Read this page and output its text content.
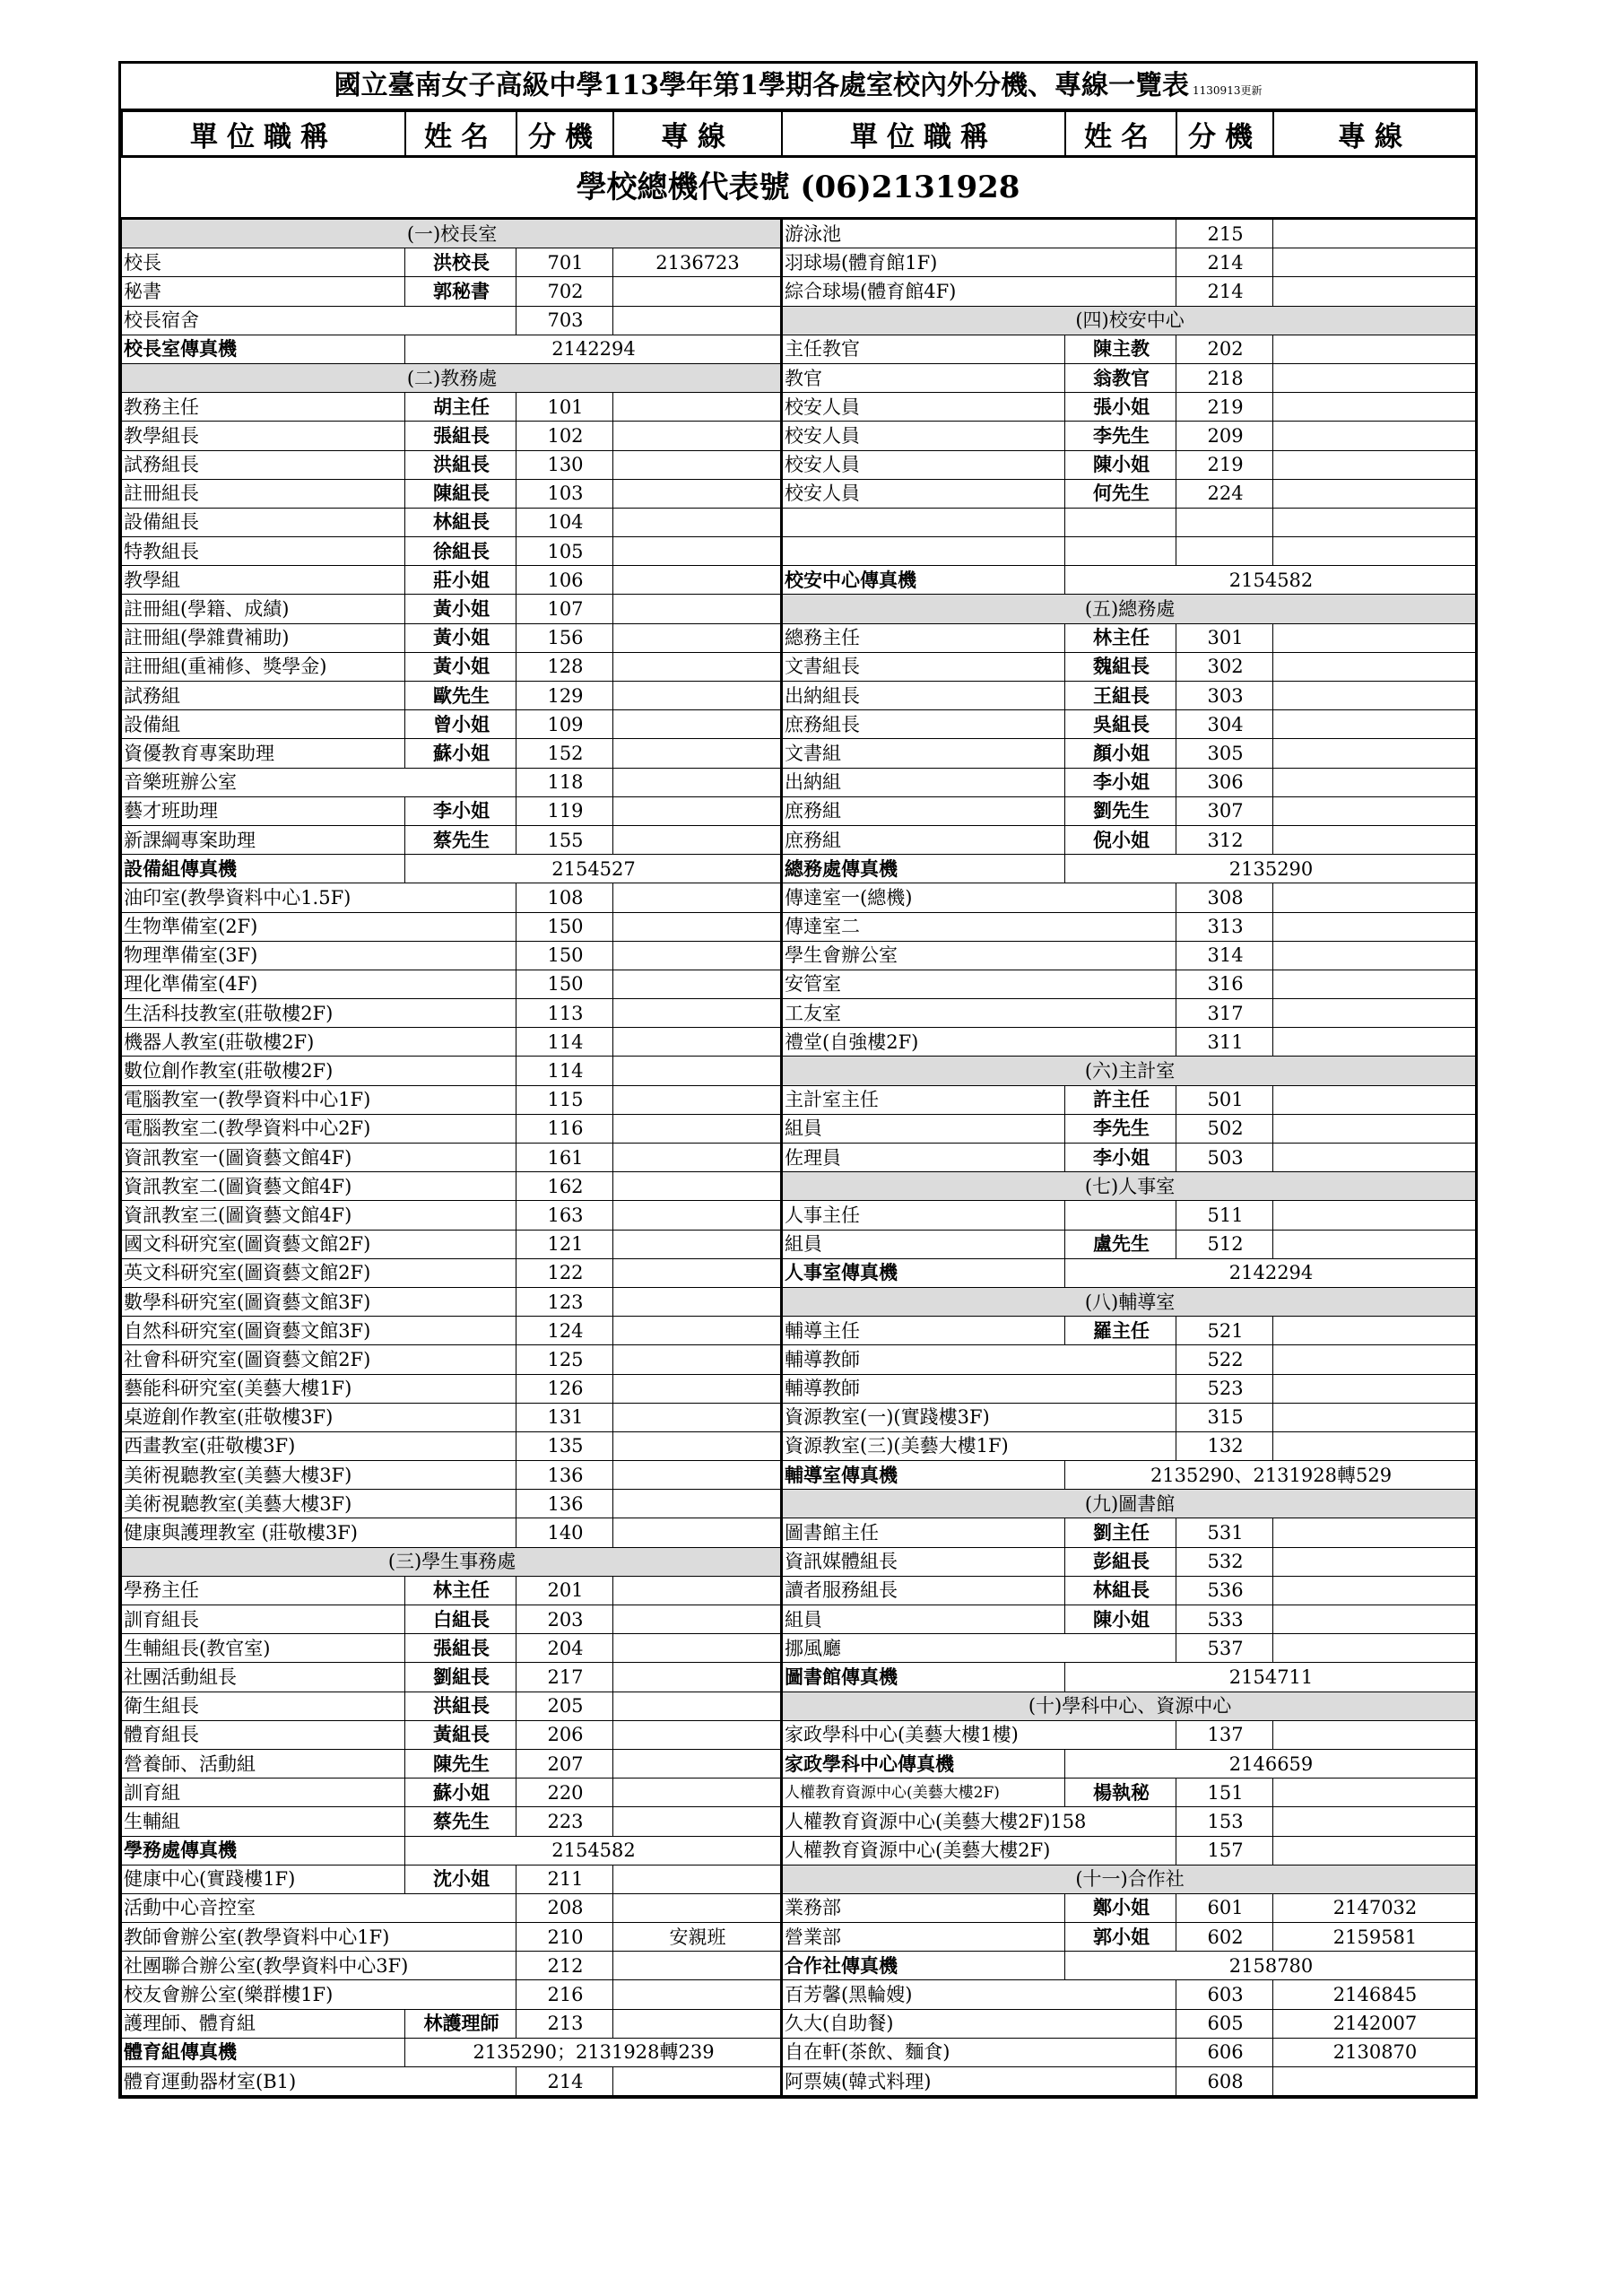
國立臺南女子高級中學113學年第1學期各處室校內外分機、專線一覽表 1130913更新
單位職稱	姓名	分機	專線	單位職稱	姓名	分機	專線
學校總機代表號 (06)2131928
(一)校長室				游泳池		215	
校長	洪校長	701	2136723	羽球場(體育館1F)		214	
秘書	郭秘書	702		綜合球場(體育館4F)		214	
校長宿舍		703		(四)校安中心			
校長室傳真機	2142294			主任教官	陳主教	202	
(二)教務處				教官	翁教官	218	
教務主任	胡主任	101		校安人員	張小姐	219	
教學組長	張組長	102		校安人員	李先生	209	
試務組長	洪組長	130		校安人員	陳小姐	219	
註冊組長	陳組長	103		校安人員	何先生	224	
設備組長	林組長	104					
特教組長	徐組長	105					
教學組	莊小姐	106		校安中心傳真機	2154582		
註冊組(學籍、成績)	黃小姐	107		(五)總務處			
註冊組(學雜費補助)	黃小姐	156		總務主任	林主任	301	
註冊組(重補修、獎學金)	黃小姐	128		文書組長	魏組長	302	
試務組	歐先生	129		出納組長	王組長	303	
設備組	曾小姐	109		庶務組長	吳組長	304	
資優教育專案助理	蘇小姐	152		文書組	顏小姐	305	
音樂班辦公室		118		出納組	李小姐	306	
藝才班助理	李小姐	119		庶務組	劉先生	307	
新課綱專案助理	蔡先生	155		庶務組	倪小姐	312	
設備組傳真機	2154527			總務處傳真機	2135290		
油印室(教學資料中心1.5F)		108		傳達室一(總機)		308	
生物準備室(2F)		150		傳達室二		313	
物理準備室(3F)		150		學生會辦公室		314	
理化準備室(4F)		150		安管室		316	
生活科技教室(莊敬樓2F)		113		工友室		317	
機器人教室(莊敬樓2F)		114		禮堂(自強樓2F)		311	
數位創作教室(莊敬樓2F)		114		(六)主計室			
電腦教室一(教學資料中心1F)		115		主計室主任	許主任	501	
電腦教室二(教學資料中心2F)		116		組員	李先生	502	
資訊教室一(圖資藝文館4F)		161		佐理員	李小姐	503	
資訊教室二(圖資藝文館4F)		162		(七)人事室			
資訊教室三(圖資藝文館4F)		163		人事主任		511	
國文科研究室(圖資藝文館2F)		121		組員	盧先生	512	
英文科研究室(圖資藝文館2F)		122		人事室傳真機	2142294		
數學科研究室(圖資藝文館3F)		123		(八)輔導室			
自然科研究室(圖資藝文館3F)		124		輔導主任	羅主任	521	
社會科研究室(圖資藝文館2F)		125		輔導教師		522	
藝能科研究室(美藝大樓1F)		126		輔導教師		523	
桌遊創作教室(莊敬樓3F)		131		資源教室(一)(實踐樓3F)		315	
西畫教室(莊敬樓3F)		135		資源教室(三)(美藝大樓1F)		132	
美術視聽教室(美藝大樓3F)		136		輔導室傳真機	2135290、2131928轉529		
美術視聽教室(美藝大樓3F)		136		(九)圖書館			
健康與護理教室 (莊敬樓3F)		140		圖書館主任	劉主任	531	
(三)學生事務處				資訊媒體組長	彭組長	532	
學務主任	林主任	201		讀者服務組長	林組長	536	
訓育組長	白組長	203		組員	陳小姐	533	
生輔組長(教官室)	張組長	204		挪風廳		537	
社團活動組長	劉組長	217		圖書館傳真機	2154711		
衛生組長	洪組長	205		(十)學科中心、資源中心			
體育組長	黃組長	206		家政學科中心(美藝大樓1樓)		137	
營養師、活動組	陳先生	207		家政學科中心傳真機	2146659		
訓育組	蘇小姐	220		人權教育資源中心(美藝大樓2F)	楊執秘	151	
生輔組	蔡先生	223		人權教育資源中心(美藝大樓2F)158		153	
學務處傳真機	2154582			人權教育資源中心(美藝大樓2F)		157	
健康中心(實踐樓1F)	沈小姐	211		(十一)合作社			
活動中心音控室		208		業務部	鄭小姐	601	2147032
教師會辦公室(教學資料中心1F)		210	安親班	營業部	郭小姐	602	2159581
社團聯合辦公室(教學資料中心3F)		212		合作社傳真機	2158780		
校友會辦公室(樂群樓1F)		216		百芳馨(黑輪嫂)		603	2146845
護理師、體育組	林護理師	213		久大(自助餐)		605	2142007
體育組傳真機	2135290；2131928轉239			自在軒(茶飲、麵食)		606	2130870
體育運動器材室(B1)		214		阿票姨(韓式料理)		608	
